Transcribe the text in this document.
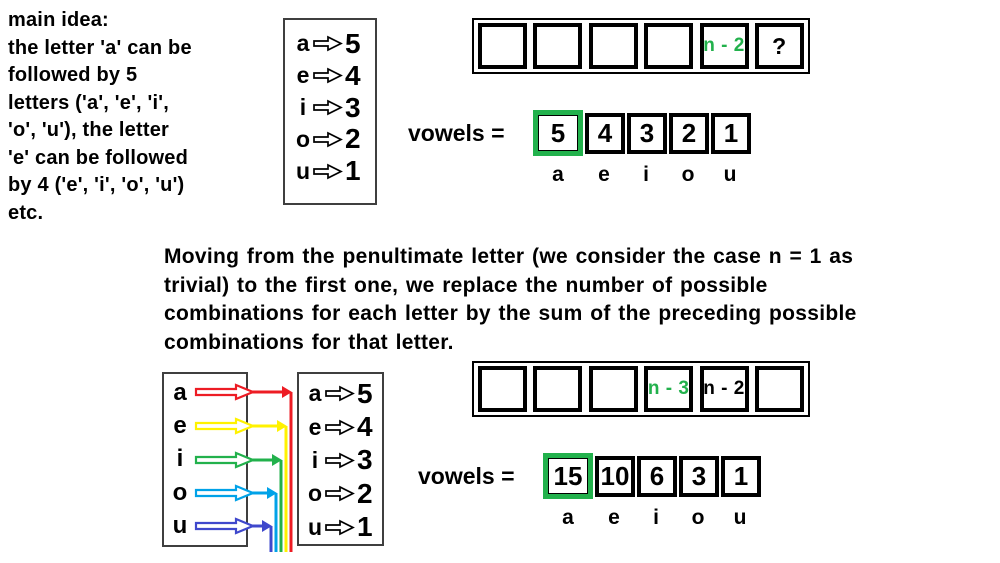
main idea:
the letter 'a' can be
followed by 5
letters ('a', 'e', 'i',
'o', 'u'), the letter
'e' can be followed
by 4 ('e', 'i', 'o', 'u')
etc.
a 5
e 4
i 3
o 2
u 1
n - 2	?
vowels =	5	4	3	2	1
a	e	i	o	u
Moving from the penultimate letter (we consider the case n = 1 as
trivial) to the first one, we replace the number of possible
combinations for each letter by the sum of the preceding possible
combinations for that letter.
a
e
i
o
u
a 5
e 4
i 3
o 2
u 1
n - 3 n - 2
vowels =	15 10 6	3	1
a	e	i	o	u
